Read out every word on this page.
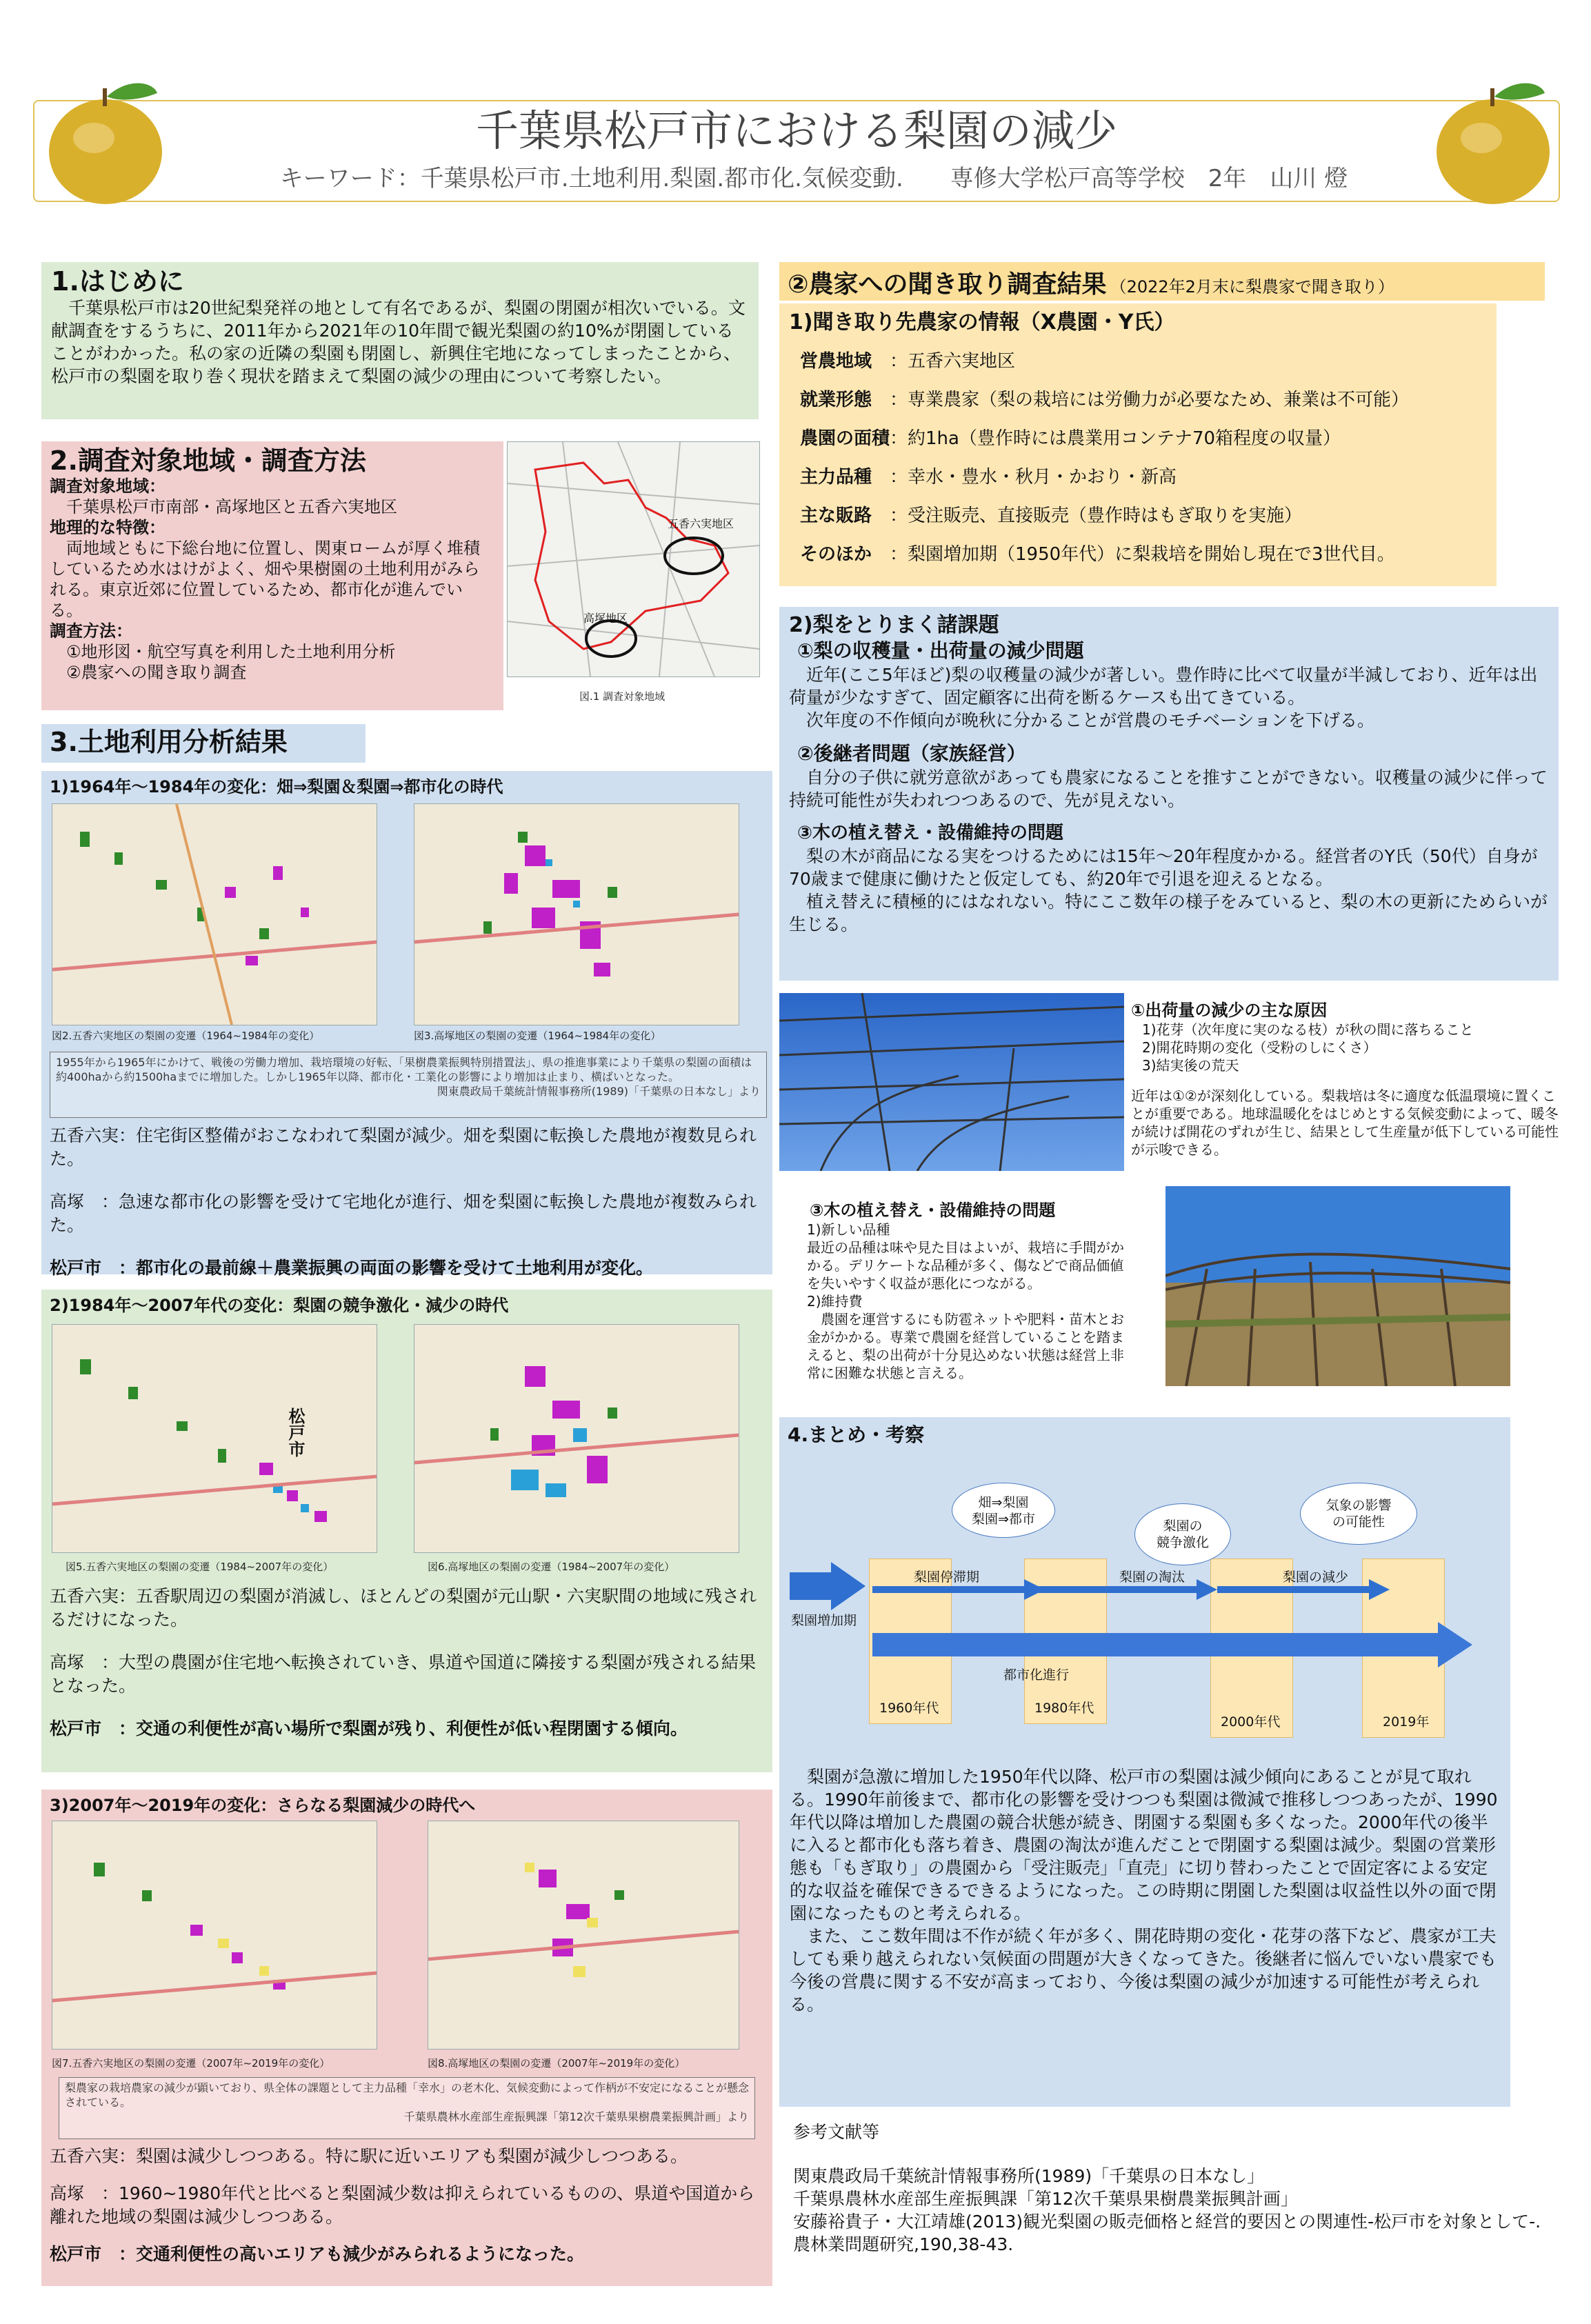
千葉県松戸市における梨園の減少
キーワード：千葉県松戸市.土地利用.梨園.都市化.気候変動.　　専修大学松戸高等学校　2年　山川 燈
1.はじめに

　千葉県松戸市は20世紀梨発祥の地として有名であるが、梨園の閉園が相次いでいる。文献調査をするうちに、2011年から2021年の10年間で観光梨園の約10%が閉園していることがわかった。私の家の近隣の梨園も閉園し、新興住宅地になってしまったことから、松戸市の梨園を取り巻く現状を踏まえて梨園の減少の理由について考察したい。

2.調査対象地域・調査方法

調査対象地域：

　千葉県松戸市南部・高塚地区と五香六実地区

地理的な特徴：

　両地域ともに下総台地に位置し、関東ロームが厚く堆積しているため水はけがよく、畑や果樹園の土地利用がみられる。東京近郊に位置しているため、都市化が進んでいる。

調査方法：

　①地形図・航空写真を利用した土地利用分析

　②農家への聞き取り調査

五香六実地区
高塚地区
図.1 調査対象地域
3.土地利用分析結果
1)1964年～1984年の変化：畑⇒梨園＆梨園⇒都市化の時代
図2.五香六実地区の梨園の変遷（1964~1984年の変化）	図3.高塚地区の梨園の変遷（1964~1984年の変化）

1955年から1965年にかけて、戦後の労働力増加、栽培環境の好転、「果樹農業振興特別措置法」、県の推進事業により千葉県の梨園の面積は約400haから約1500haまでに増加した。しかし1965年以降、都市化・工業化の影響により増加は止まり、横ばいとなった。

関東農政局千葉統計情報事務所(1989)「千葉県の日本なし」より

五香六実：住宅街区整備がおこなわれて梨園が減少。畑を梨園に転換した農地が複数見られた。

高塚　：急速な都市化の影響を受けて宅地化が進行、畑を梨園に転換した農地が複数みられた。

松戸市　：都市化の最前線＋農業振興の両面の影響を受けて土地利用が変化。

2)1984年～2007年代の変化：梨園の競争激化・減少の時代
松戸市
図5.五香六実地区の梨園の変遷（1984~2007年の変化）	図6.高塚地区の梨園の変遷（1984~2007年の変化）

五香六実：五香駅周辺の梨園が消滅し、ほとんどの梨園が元山駅・六実駅間の地域に残されるだけになった。

高塚　：大型の農園が住宅地へ転換されていき、県道や国道に隣接する梨園が残される結果となった。

松戸市　：交通の利便性が高い場所で梨園が残り、利便性が低い程閉園する傾向。

3)2007年～2019年の変化：さらなる梨園減少の時代へ
図7.五香六実地区の梨園の変遷（2007年~2019年の変化）	図8.高塚地区の梨園の変遷（2007年~2019年の変化）

梨農家の栽培農家の減少が顕いており、県全体の課題として主力品種「幸水」の老木化、気候変動によって作柄が不安定になることが懸念されている。

千葉県農林水産部生産振興課「第12次千葉県果樹農業振興計画」より

五香六実：梨園は減少しつつある。特に駅に近いエリアも梨園が減少しつつある。

高塚　：1960~1980年代と比べると梨園減少数は抑えられているものの、県道や国道から離れた地域の梨園は減少しつつある。

松戸市　：交通利便性の高いエリアも減少がみられるようになった。

②農家への聞き取り調査結果 （2022年2月末に梨農家で聞き取り）
1)聞き取り先農家の情報（X農園・Y氏）

営農地域 ：五香六実地区

就業形態 ：専業農家（梨の栽培には労働力が必要なため、兼業は不可能）

農園の面積：約1ha（豊作時には農業用コンテナ70箱程度の収量）

主力品種 ：幸水・豊水・秋月・かおり・新高

主な販路 ：受注販売、直接販売（豊作時はもぎ取りを実施）

そのほか ：梨園増加期（1950年代）に梨栽培を開始し現在で3世代目。

2)梨をとりまく諸課題
①梨の収穫量・出荷量の減少問題

　近年(ここ5年ほど)梨の収穫量の減少が著しい。豊作時に比べて収量が半減しており、近年は出荷量が少なすぎて、固定顧客に出荷を断るケースも出てきている。
　次年度の不作傾向が晩秋に分かることが営農のモチベーションを下げる。

②後継者問題（家族経営）

　自分の子供に就労意欲があっても農家になることを推すことができない。収穫量の減少に伴って持続可能性が失われつつあるので、先が見えない。

③木の植え替え・設備維持の問題

　梨の木が商品になる実をつけるためには15年～20年程度かかる。経営者のY氏（50代）自身が70歳まで健康に働けたと仮定しても、約20年で引退を迎えるとなる。
　植え替えに積極的にはなれない。特にここ数年の様子をみていると、梨の木の更新にためらいが生じる。

①出荷量の減少の主な原因

1)花芽（次年度に実のなる枝）が秋の間に落ちること

2)開花時期の変化（受粉のしにくさ）

3)結実後の荒天

近年は①②が深刻化している。梨栽培は冬に適度な低温環境に置くことが重要である。地球温暖化をはじめとする気候変動によって、暖冬が続けば開花のずれが生じ、結果として生産量が低下している可能性が示唆できる。

③木の植え替え・設備維持の問題

1)新しい品種
最近の品種は味や見た目はよいが、栽培に手間がかかる。デリケートな品種が多く、傷などで商品価値を失いやすく収益が悪化につながる。
2)維持費
　農園を運営するにも防雹ネットや肥料・苗木とお金がかかる。専業で農園を経営していることを踏まえると、梨の出荷が十分見込めない状態は経営上非常に困難な状態と言える。

4.まとめ・考察
畑⇒梨園
梨園⇒都市	梨園の
競争激化
気象の影響
の可能性
梨園増加期
梨園停滞期	梨園の淘汰	梨園の減少
都市化進行
1960年代	1980年代
2000年代	2019年

　梨園が急激に増加した1950年代以降、松戸市の梨園は減少傾向にあることが見て取れる。1990年前後まで、都市化の影響を受けつつも梨園は微減で推移しつつあったが、1990年代以降は増加した農園の競合状態が続き、閉園する梨園も多くなった。2000年代の後半に入ると都市化も落ち着き、農園の淘汰が進んだことで閉園する梨園は減少。梨園の営業形態も「もぎ取り」の農園から「受注販売」「直売」に切り替わったことで固定客による安定的な収益を確保できるできるようになった。この時期に閉園した梨園は収益性以外の面で閉園になったものと考えられる。
　また、ここ数年間は不作が続く年が多く、開花時期の変化・花芽の落下など、農家が工夫しても乗り越えられない気候面の問題が大きくなってきた。後継者に悩んでいない農家でも今後の営農に関する不安が高まっており、今後は梨園の減少が加速する可能性が考えられる。

参考文献等

関東農政局千葉統計情報事務所(1989)「千葉県の日本なし」

千葉県農林水産部生産振興課「第12次千葉県果樹農業振興計画」

安藤裕貴子・大江靖雄(2013)観光梨園の販売価格と経営的要因との関連性-松戸市を対象として-.農林業問題研究,190,38-43.
